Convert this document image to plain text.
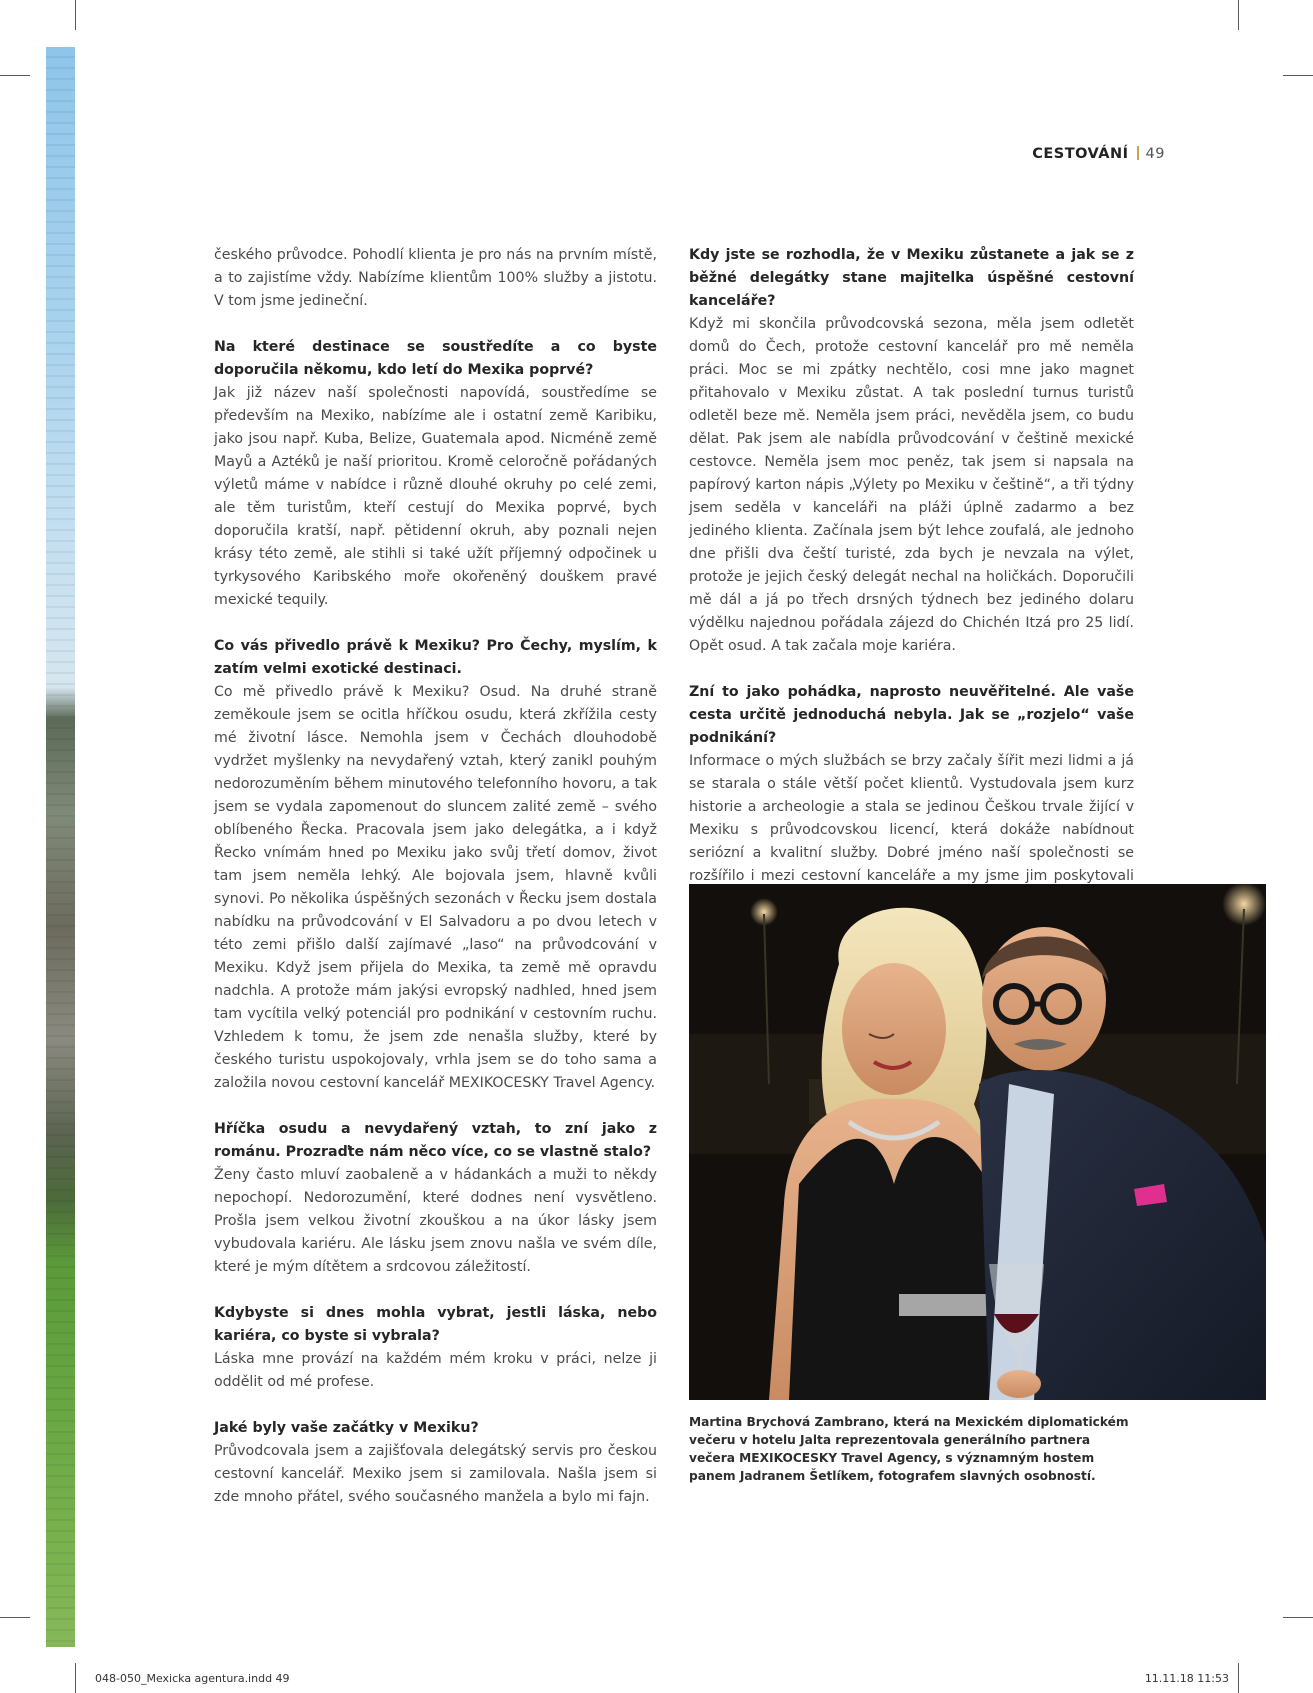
CESTOVÁNÍ 49

českého průvodce. Pohodlí klienta je pro nás na prvním místě, a to zajistíme vždy. Nabízíme klientům 100% služby a jistotu. V tom jsme jedineční.

Na které destinace se soustředíte a co byste doporučila někomu, kdo letí do Mexika poprvé?

Jak již název naší společnosti napovídá, soustředíme se především na Mexiko, nabízíme ale i ostatní země Karibiku, jako jsou např. Kuba, Belize, Guatemala apod. Nicméně země Mayů a Aztéků je naší prioritou. Kromě celoročně pořádaných výletů máme v nabídce i různě dlouhé okruhy po celé zemi, ale těm turistům, kteří cestují do Mexika poprvé, bych doporučila kratší, např. pětidenní okruh, aby poznali nejen krásy této země, ale stihli si také užít příjemný odpočinek u tyrkysového Karibského moře okořeněný douškem pravé mexické tequily.

Co vás přivedlo právě k Mexiku? Pro Čechy, myslím, k zatím velmi exotické destinaci.

Co mě přivedlo právě k Mexiku? Osud. Na druhé straně zeměkoule jsem se ocitla hříčkou osudu, která zkřížila cesty mé životní lásce. Nemohla jsem v Čechách dlouhodobě vydržet myšlenky na nevydařený vztah, který zanikl pouhým nedorozuměním během minutového telefonního hovoru, a tak jsem se vydala zapomenout do sluncem zalité země – svého oblíbeného Řecka. Pracovala jsem jako delegátka, a i když Řecko vnímám hned po Mexiku jako svůj třetí domov, život tam jsem neměla lehký. Ale bojovala jsem, hlavně kvůli synovi. Po několika úspěšných sezonách v Řecku jsem dostala nabídku na průvodcování v El Salvadoru a po dvou letech v této zemi přišlo další zajímavé „laso“ na průvodcování v Mexiku. Když jsem přijela do Mexika, ta země mě opravdu nadchla. A protože mám jakýsi evropský nadhled, hned jsem tam vycítila velký potenciál pro podnikání v cestovním ruchu. Vzhledem k tomu, že jsem zde nenašla služby, které by českého turistu uspokojovaly, vrhla jsem se do toho sama a založila novou cestovní kancelář MEXIKOCESKY Travel Agency.

Hříčka osudu a nevydařený vztah, to zní jako z románu. Prozraďte nám něco více, co se vlastně stalo?

Ženy často mluví zaobaleně a v hádankách a muži to někdy nepochopí. Nedorozumění, které dodnes není vysvětleno. Prošla jsem velkou životní zkouškou a na úkor lásky jsem vybudovala kariéru. Ale lásku jsem znovu našla ve svém díle, které je mým dítětem a srdcovou záležitostí.

Kdybyste si dnes mohla vybrat, jestli láska, nebo kariéra, co byste si vybrala?

Láska mne provází na každém mém kroku v práci, nelze ji oddělit od mé profese.

Jaké byly vaše začátky v Mexiku?

Průvodcovala jsem a zajišťovala delegátský servis pro českou cestovní kancelář. Mexiko jsem si zamilovala. Našla jsem si zde mnoho přátel, svého současného manžela a bylo mi fajn.

Kdy jste se rozhodla, že v Mexiku zůstanete a jak se z běžné delegátky stane majitelka úspěšné cestovní kanceláře?

Když mi skončila průvodcovská sezona, měla jsem odletět domů do Čech, protože cestovní kancelář pro mě neměla práci. Moc se mi zpátky nechtělo, cosi mne jako magnet přitahovalo v Mexiku zůstat. A tak poslední turnus turistů odletěl beze mě. Neměla jsem práci, nevěděla jsem, co budu dělat. Pak jsem ale nabídla průvodcování v češtině mexické cestovce. Neměla jsem moc peněz, tak jsem si napsala na papírový karton nápis „Výlety po Mexiku v češtině“, a tři týdny jsem seděla v kanceláři na pláži úplně zadarmo a bez jediného klienta. Začínala jsem být lehce zoufalá, ale jednoho dne přišli dva čeští turisté, zda bych je nevzala na výlet, protože je jejich český delegát nechal na holičkách. Doporučili mě dál a já po třech drsných týdnech bez jediného dolaru výdělku najednou pořádala zájezd do Chichén Itzá pro 25 lidí. Opět osud. A tak začala moje kariéra.

Zní to jako pohádka, naprosto neuvěřitelné. Ale vaše cesta určitě jednoduchá nebyla. Jak se „rozjelo“ vaše podnikání?

Informace o mých službách se brzy začaly šířit mezi lidmi a já se starala o stále větší počet klientů. Vystudovala jsem kurz historie a archeologie a stala se jedinou Češkou trvale žijící v Mexiku s průvodcovskou licencí, která dokáže nabídnout seriózní a kvalitní služby. Dobré jméno naší společnosti se rozšířilo i mezi cestovní kanceláře a my jsme jim poskytovali

Martina Brychová Zambrano, která na Mexickém diplomatickém večeru v hotelu Jalta reprezentovala generálního partnera večera MEXIKOCESKY Travel Agency, s významným hostem panem Jadranem Šetlíkem, fotografem slavných osobností.
048-050_Mexicka agentura.indd 49	11.11.18 11:53
